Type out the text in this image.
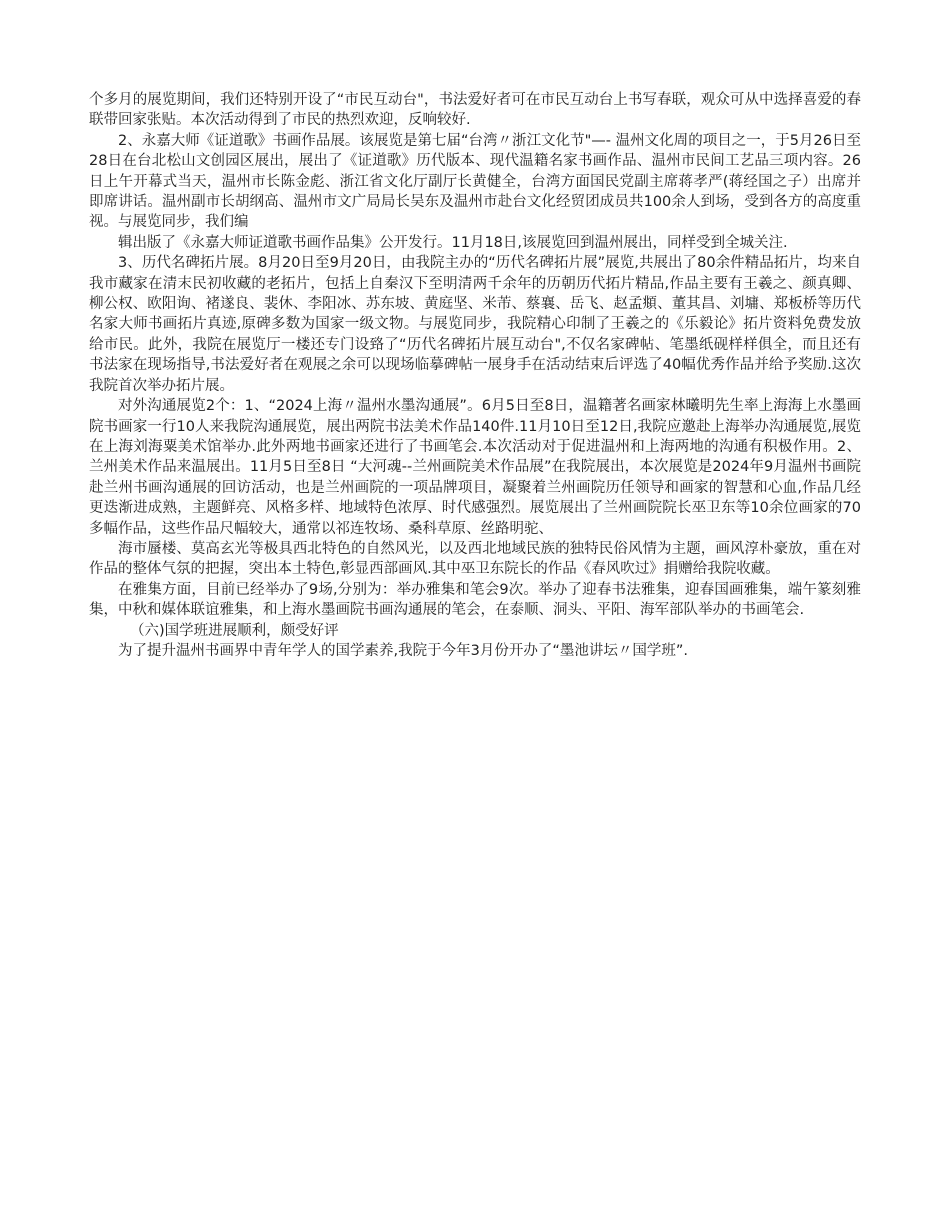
个多月的展览期间，我们还特别开设了“市民互动台"，书法爱好者可在市民互动台上书写春联，观众可从中选择喜爱的春联带回家张贴。本次活动得到了市民的热烈欢迎，反响较好.

2、永嘉大师《证道歌》书画作品展。该展览是第七届“台湾〃浙江文化节"—- 温州文化周的项目之一，于5月26日至28日在台北松山文创园区展出，展出了《证道歌》历代版本、现代温籍名家书画作品、温州市民间工艺品三项内容。26日上午开幕式当天，温州市长陈金彪、浙江省文化厅副厅长黄健全，台湾方面国民党副主席蒋孝严(蒋经国之子）出席并即席讲话。温州副市长胡纲高、温州市文广局局长吴东及温州市赴台文化经贸团成员共100余人到场，受到各方的高度重视。与展览同步，我们编

辑出版了《永嘉大师证道歌书画作品集》公开发行。11月18日,该展览回到温州展出，同样受到全城关注.

3、历代名碑拓片展。8月20日至9月20日，由我院主办的“历代名碑拓片展”展览,共展出了80余件精品拓片，均来自我市藏家在清末民初收藏的老拓片，包括上自秦汉下至明清两千余年的历朝历代拓片精品,作品主要有王羲之、颜真卿、柳公权、欧阳询、褚遂良、裴休、李阳冰、苏东坡、黄庭坚、米芾、蔡襄、岳飞、赵孟頫、董其昌、刘墉、郑板桥等历代名家大师书画拓片真迹,原碑多数为国家一级文物。与展览同步，我院精心印制了王羲之的《乐毅论》拓片资料免费发放给市民。此外，我院在展览厅一楼还专门设臵了“历代名碑拓片展互动台",不仅名家碑帖、笔墨纸砚样样俱全，而且还有书法家在现场指导,书法爱好者在观展之余可以现场临摹碑帖一展身手在活动结束后评选了40幅优秀作品并给予奖励.这次我院首次举办拓片展。

对外沟通展览2个：1、“2024上海〃温州水墨沟通展”。6月5日至8日，温籍著名画家林曦明先生率上海海上水墨画院书画家一行10人来我院沟通展览，展出两院书法美术作品140件.11月10日至12日,我院应邀赴上海举办沟通展览,展览在上海刘海粟美术馆举办.此外两地书画家还进行了书画笔会.本次活动对于促进温州和上海两地的沟通有积极作用。2、兰州美术作品来温展出。11月5日至8日 “大河魂--兰州画院美术作品展”在我院展出，本次展览是2024年9月温州书画院赴兰州书画沟通展的回访活动，也是兰州画院的一项品牌项目，凝聚着兰州画院历任领导和画家的智慧和心血,作品几经更迭渐进成熟，主题鲜亮、风格多样、地域特色浓厚、时代感强烈。展览展出了兰州画院院长巫卫东等10余位画家的70多幅作品，这些作品尺幅较大，通常以祁连牧场、桑科草原、丝路明驼、

海市蜃楼、莫高玄光等极具西北特色的自然风光，以及西北地域民族的独特民俗风情为主题，画风淳朴豪放，重在对作品的整体气氛的把握，突出本土特色,彰显西部画风.其中巫卫东院长的作品《春风吹过》捐赠给我院收藏。

在雅集方面，目前已经举办了9场,分别为：举办雅集和笔会9次。举办了迎春书法雅集，迎春国画雅集，端午篆刻雅集，中秋和媒体联谊雅集，和上海水墨画院书画沟通展的笔会，在泰顺、洞头、平阳、海军部队举办的书画笔会.

（六)国学班进展顺利，颇受好评

为了提升温州书画界中青年学人的国学素养,我院于今年3月份开办了“墨池讲坛〃国学班”.
